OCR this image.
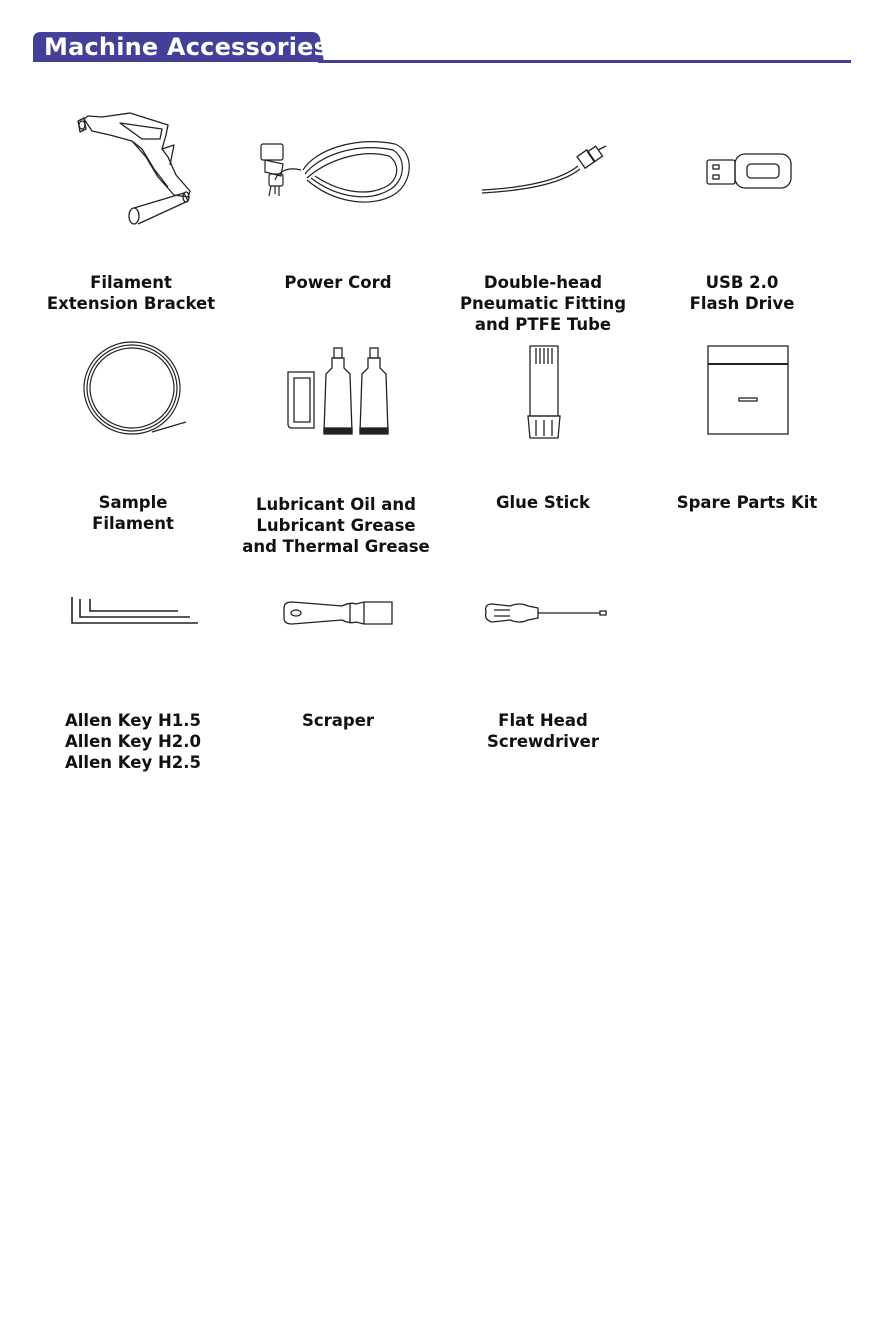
Machine Accessories
Filament
Extension Bracket
Power Cord	Double-head
Pneumatic Fitting
and PTFE Tube
USB 2.0
Flash Drive
Sample
Filament
Lubricant Oil and
Lubricant Grease
and Thermal Grease
Glue Stick	Spare Parts Kit
Allen Key H1.5
Allen Key H2.0
Allen Key H2.5
Scraper	Flat Head
Screwdriver
